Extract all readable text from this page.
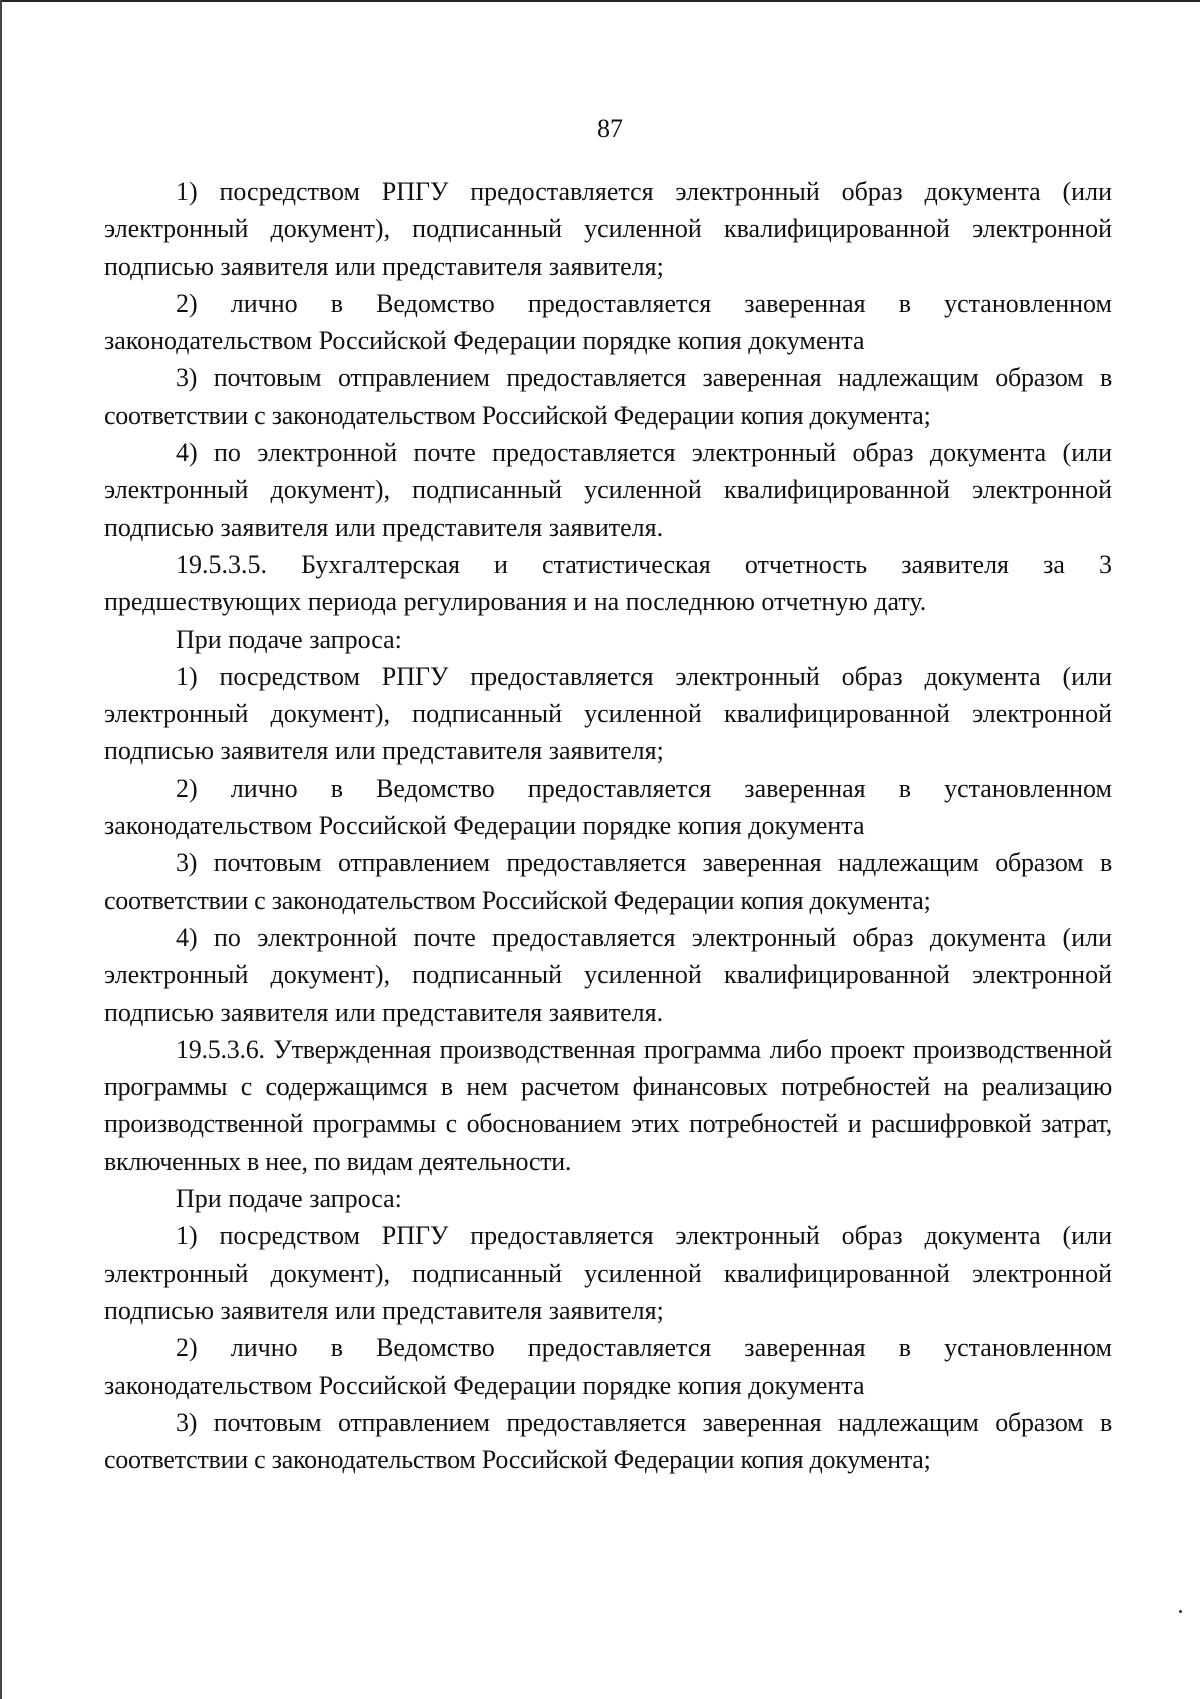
87

1) посредством РПГУ предоставляется электронный образ документа (или электронный документ), подписанный усиленной квалифицированной электронной подписью заявителя или представителя заявителя;

2) лично в Ведомство предоставляется заверенная в установленном законодательством Российской Федерации порядке копия документа

3) почтовым отправлением предоставляется заверенная надлежащим образом в соответствии с законодательством Российской Федерации копия документа;

4) по электронной почте предоставляется электронный образ документа (или электронный документ), подписанный усиленной квалифицированной электронной подписью заявителя или представителя заявителя.

19.5.3.5. Бухгалтерская и статистическая отчетность заявителя за 3 предшествующих периода регулирования и на последнюю отчетную дату.

При подаче запроса:

1) посредством РПГУ предоставляется электронный образ документа (или электронный документ), подписанный усиленной квалифицированной электронной подписью заявителя или представителя заявителя;

2) лично в Ведомство предоставляется заверенная в установленном законодательством Российской Федерации порядке копия документа

3) почтовым отправлением предоставляется заверенная надлежащим образом в соответствии с законодательством Российской Федерации копия документа;

4) по электронной почте предоставляется электронный образ документа (или электронный документ), подписанный усиленной квалифицированной электронной подписью заявителя или представителя заявителя.

19.5.3.6. Утвержденная производственная программа либо проект производственной программы с содержащимся в нем расчетом финансовых потребностей на реализацию производственной программы с обоснованием этих потребностей и расшифровкой затрат, включенных в нее, по видам деятельности.

При подаче запроса:

1) посредством РПГУ предоставляется электронный образ документа (или электронный документ), подписанный усиленной квалифицированной электронной подписью заявителя или представителя заявителя;

2) лично в Ведомство предоставляется заверенная в установленном законодательством Российской Федерации порядке копия документа

3) почтовым отправлением предоставляется заверенная надлежащим образом в соответствии с законодательством Российской Федерации копия документа;
